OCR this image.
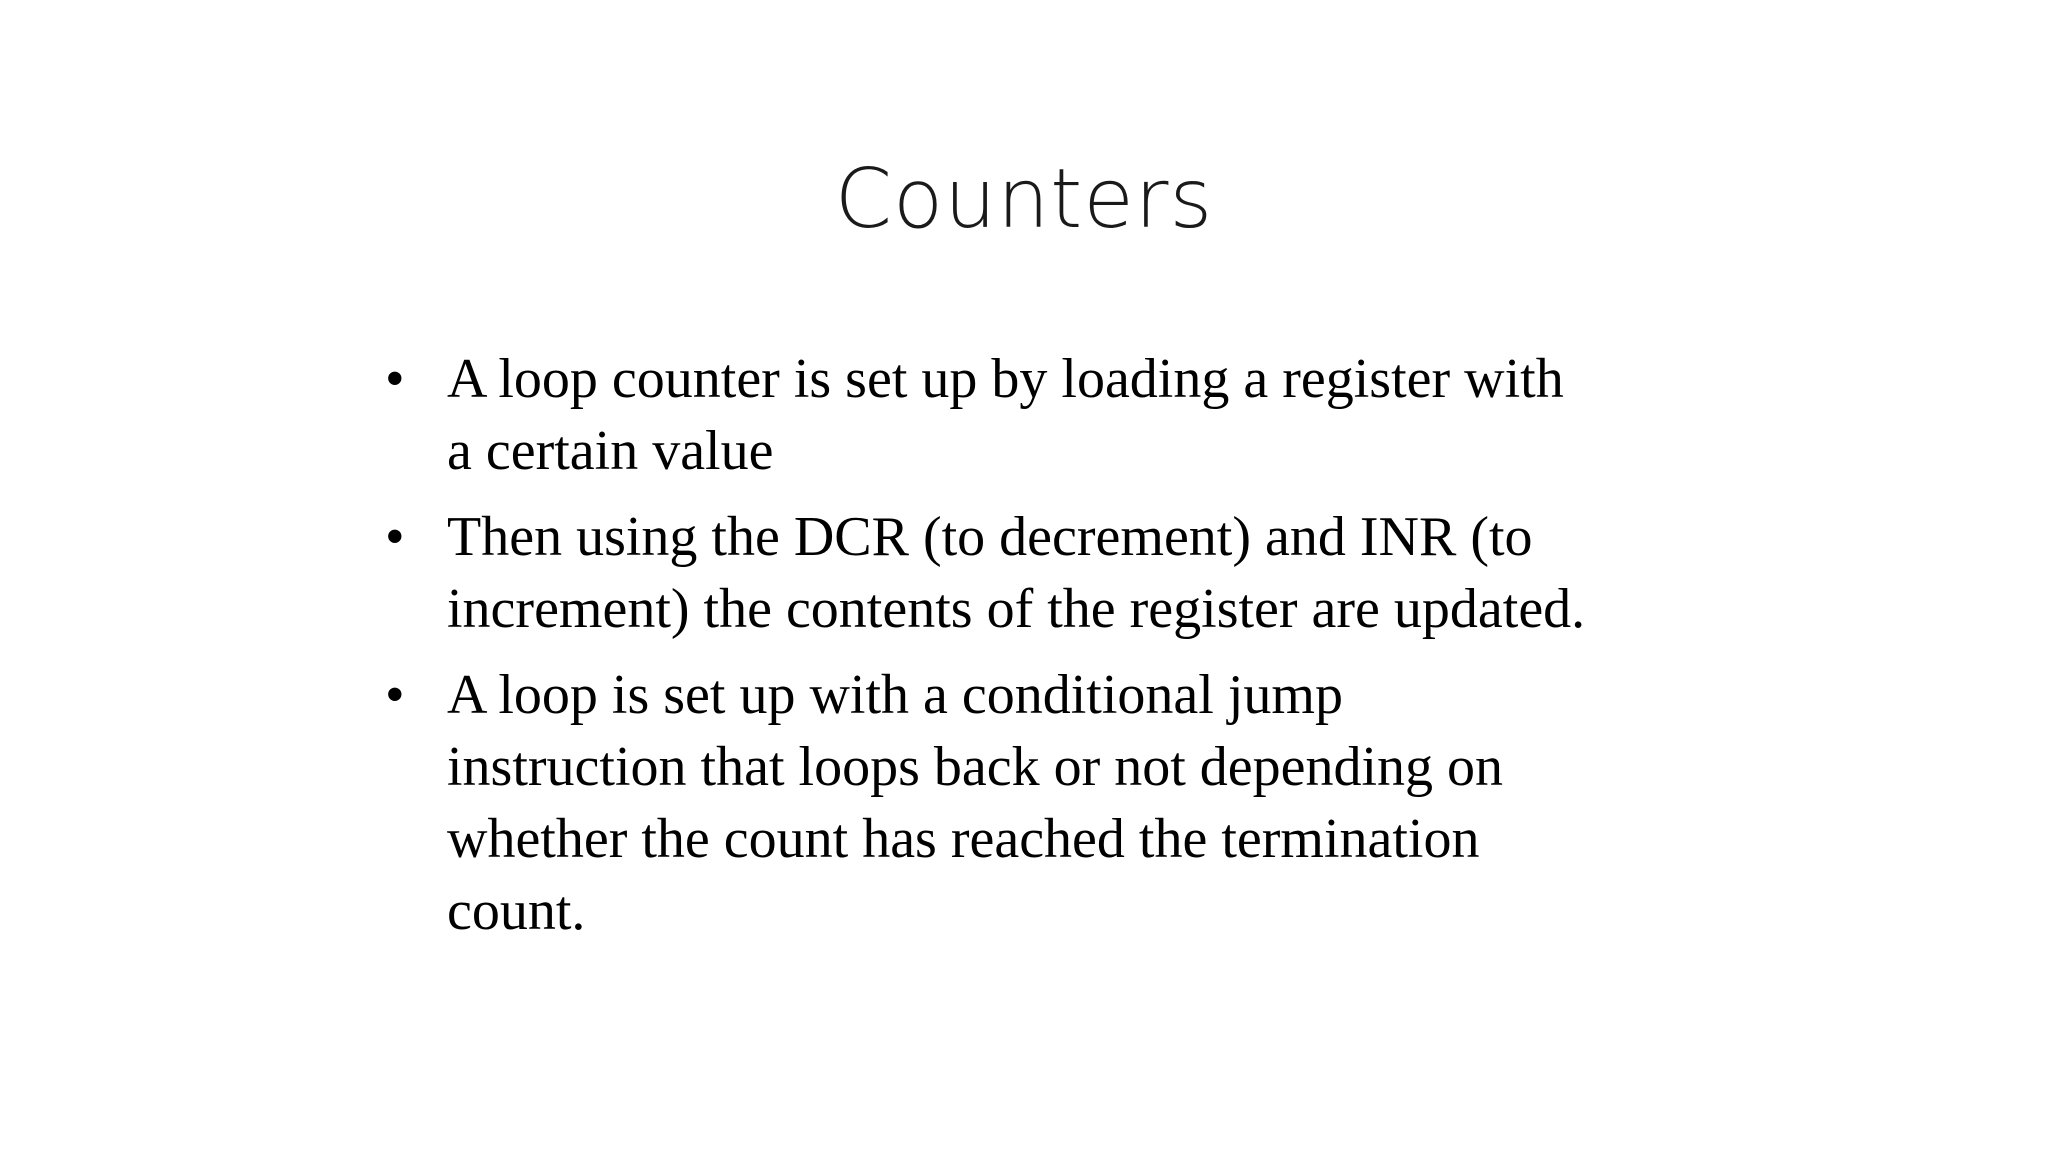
Counters
• A loop counter is set up by loading a register with
a certain value
• Then using the DCR (to decrement) and INR (to
increment) the contents of the register are updated.
• A loop is set up with a conditional jump
instruction that loops back or not depending on
whether the count has reached the termination
count.
